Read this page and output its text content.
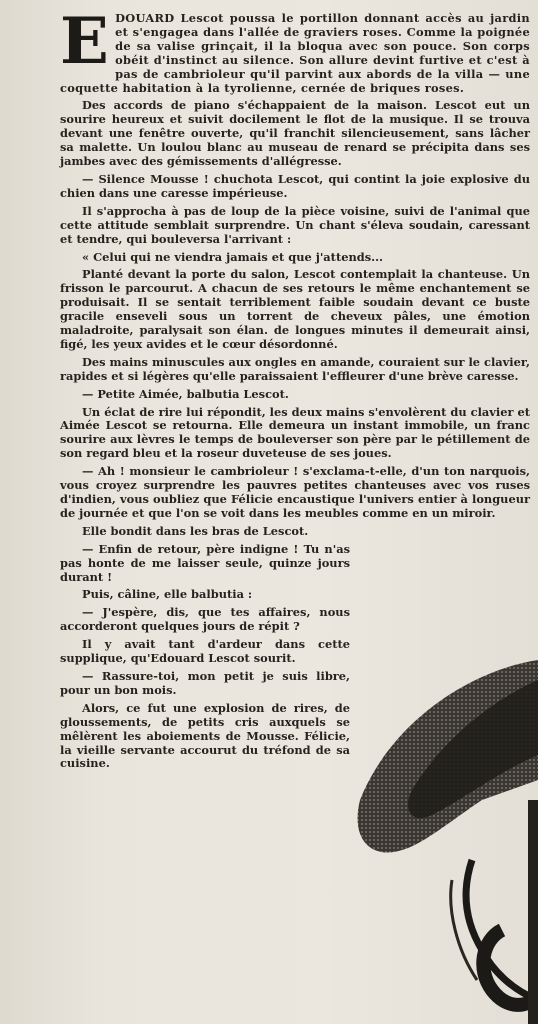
EDOUARD Lescot poussa le portillon donnant accès au jardin et s'engagea dans l'allée de graviers roses. Comme la poignée de sa valise grinçait, il la bloqua avec son pouce. Son corps obéit d'instinct au silence. Son allure devint furtive et c'est à pas de cambrioleur qu'il parvint aux abords de la villa — une coquette habitation à la tyrolienne, cernée de briques roses.

Des accords de piano s'échappaient de la maison. Lescot eut un sourire heureux et suivit docilement le flot de la musique. Il se trouva devant une fenêtre ouverte, qu'il franchit silencieusement, sans lâcher sa malette. Un loulou blanc au museau de renard se précipita dans ses jambes avec des gémissements d'allégresse.

— Silence Mousse ! chuchota Lescot, qui contint la joie explosive du chien dans une caresse impérieuse.

Il s'approcha à pas de loup de la pièce voisine, suivi de l'animal que cette attitude semblait surprendre. Un chant s'éleva soudain, caressant et tendre, qui bouleversa l'arrivant :

« Celui qui ne viendra jamais et que j'attends...

Planté devant la porte du salon, Lescot contemplait la chanteuse. Un frisson le parcourut. A chacun de ses retours le même enchantement se produisait. Il se sentait terriblement faible soudain devant ce buste gracile enseveli sous un torrent de cheveux pâles, une émotion maladroite, paralysait son élan. de longues minutes il demeurait ainsi, figé, les yeux avides et le cœur désordonné.

Des mains minuscules aux ongles en amande, couraient sur le clavier, rapides et si légères qu'elle paraissaient l'effleurer d'une brève caresse.

— Petite Aimée, balbutia Lescot.

Un éclat de rire lui répondit, les deux mains s'envolèrent du clavier et Aimée Lescot se retourna. Elle demeura un instant immobile, un franc sourire aux lèvres le temps de bouleverser son père par le pétillement de son regard bleu et la roseur duveteuse de ses joues.

— Ah ! monsieur le cambrioleur ! s'exclama-t-elle, d'un ton narquois, vous croyez surprendre les pauvres petites chanteuses avec vos ruses d'indien, vous oubliez que Félicie encaustique l'univers entier à longueur de journée et que l'on se voit dans les meubles comme en un miroir.

Elle bondit dans les bras de Lescot.

— Enfin de retour, père indigne ! Tu n'as pas honte de me laisser seule, quinze jours durant !

Puis, câline, elle balbutia :

— J'espère, dis, que tes affaires, nous accorderont quelques jours de répit ?

Il y avait tant d'ardeur dans cette supplique, qu'Edouard Lescot sourit.

— Rassure-toi, mon petit je suis libre, pour un bon mois.

Alors, ce fut une explosion de rires, de gloussements, de petits cris auxquels se mêlèrent les aboiements de Mousse. Félicie, la vieille servante accourut du tréfond de sa cuisine.
